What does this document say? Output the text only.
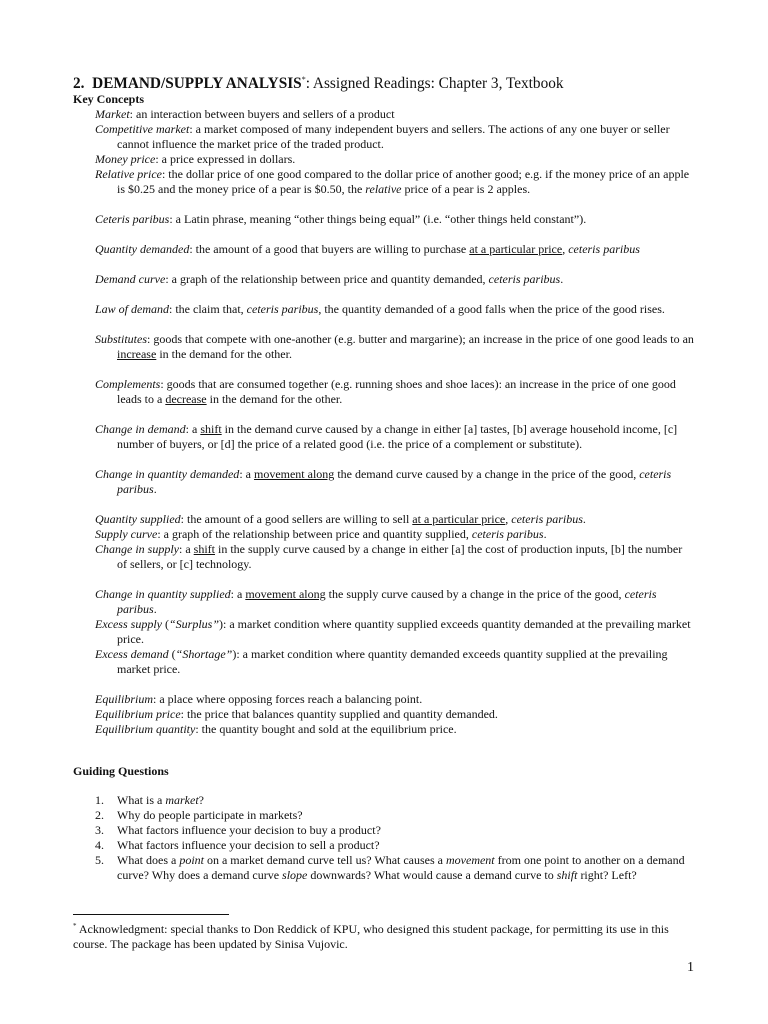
2. DEMAND/SUPPLY ANALYSIS*: Assigned Readings: Chapter 3, Textbook
Key Concepts

Market: an interaction between buyers and sellers of a product

Competitive market: a market composed of many independent buyers and sellers. The actions of any one buyer or seller cannot influence the market price of the traded product.

Money price: a price expressed in dollars.

Relative price: the dollar price of one good compared to the dollar price of another good; e.g. if the money price of an apple is $0.25 and the money price of a pear is $0.50, the relative price of a pear is 2 apples.

Ceteris paribus: a Latin phrase, meaning “other things being equal” (i.e. “other things held constant”).

Quantity demanded: the amount of a good that buyers are willing to purchase at a particular price, ceteris paribus

Demand curve: a graph of the relationship between price and quantity demanded, ceteris paribus.

Law of demand: the claim that, ceteris paribus, the quantity demanded of a good falls when the price of the good rises.

Substitutes: goods that compete with one-another (e.g. butter and margarine); an increase in the price of one good leads to an increase in the demand for the other.

Complements: goods that are consumed together (e.g. running shoes and shoe laces): an increase in the price of one good leads to a decrease in the demand for the other.

Change in demand: a shift in the demand curve caused by a change in either [a] tastes, [b] average household income, [c] number of buyers, or [d] the price of a related good (i.e. the price of a complement or substitute).

Change in quantity demanded: a movement along the demand curve caused by a change in the price of the good, ceteris paribus.

Quantity supplied: the amount of a good sellers are willing to sell at a particular price, ceteris paribus.

Supply curve: a graph of the relationship between price and quantity supplied, ceteris paribus.

Change in supply: a shift in the supply curve caused by a change in either [a] the cost of production inputs, [b] the number of sellers, or [c] technology.

Change in quantity supplied: a movement along the supply curve caused by a change in the price of the good, ceteris paribus.

Excess supply (“Surplus”): a market condition where quantity supplied exceeds quantity demanded at the prevailing market price.

Excess demand (“Shortage”): a market condition where quantity demanded exceeds quantity supplied at the prevailing market price.

Equilibrium: a place where opposing forces reach a balancing point.

Equilibrium price: the price that balances quantity supplied and quantity demanded.

Equilibrium quantity: the quantity bought and sold at the equilibrium price.

Guiding Questions

1. What is a market?

2. Why do people participate in markets?

3. What factors influence your decision to buy a product?

4. What factors influence your decision to sell a product?

5. What does a point on a market demand curve tell us? What causes a movement from one point to another on a demand curve? Why does a demand curve slope downwards? What would cause a demand curve to shift right? Left?

* Acknowledgment: special thanks to Don Reddick of KPU, who designed this student package, for permitting its use in this course. The package has been updated by Sinisa Vujovic.
1
